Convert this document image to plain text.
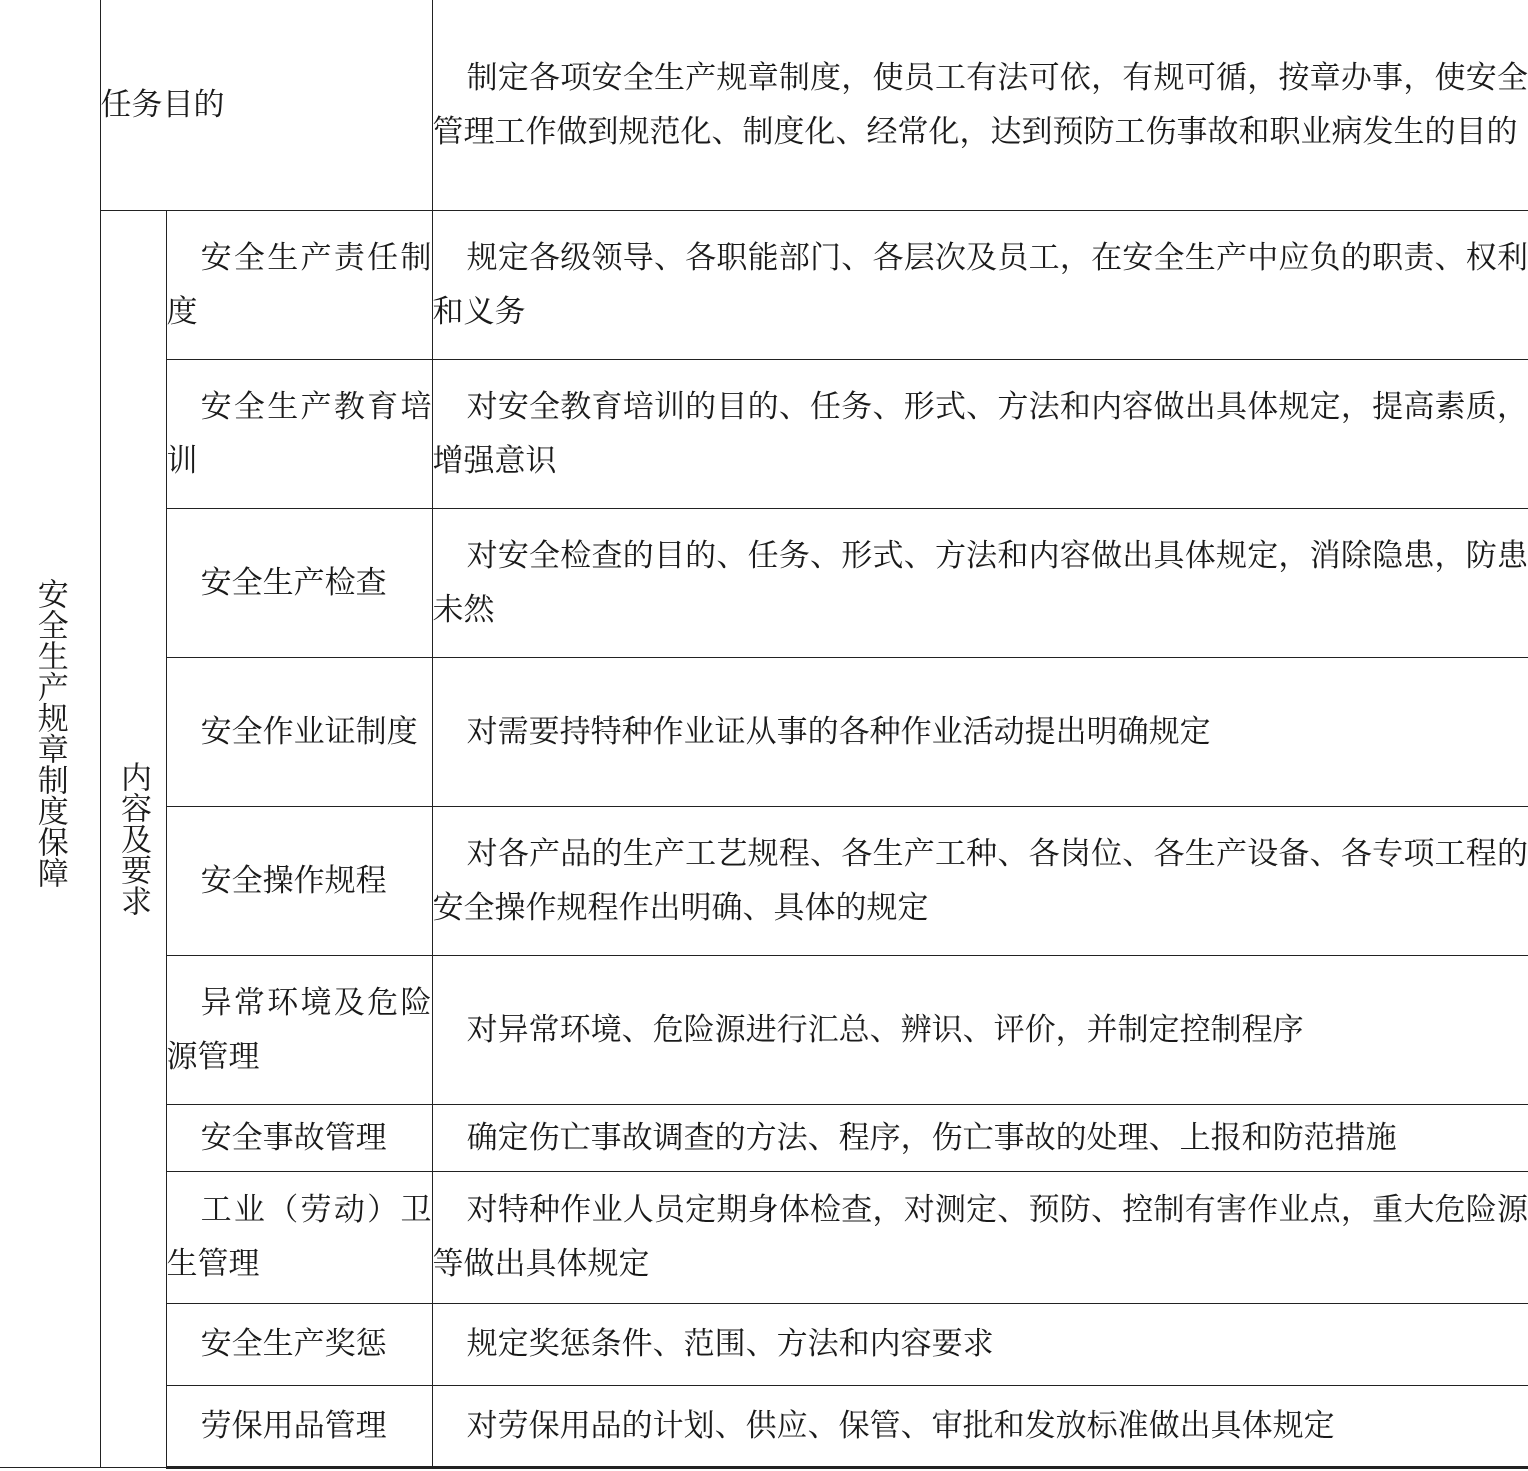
安全生产规章制度保障	任务目的		制定各项安全生产规章制度，使员工有法可依，有规可循，按章办事，使安全管理工作做到规范化、制度化、经常化，达到预防工伤事故和职业病发生的目的

	内容及要求	安全生产责任制度	规定各级领导、各职能部门、各层次及员工，在安全生产中应负的职责、权利和义务

		安全生产教育培训	对安全教育培训的目的、任务、形式、方法和内容做出具体规定，提高素质，增强意识

		安全生产检查	对安全检查的目的、任务、形式、方法和内容做出具体规定，消除隐患，防患未然

		安全作业证制度	对需要持特种作业证从事的各种作业活动提出明确规定

		安全操作规程	对各产品的生产工艺规程、各生产工种、各岗位、各生产设备、各专项工程的安全操作规程作出明确、具体的规定

		异常环境及危险源管理	对异常环境、危险源进行汇总、辨识、评价，并制定控制程序

		安全事故管理	确定伤亡事故调查的方法、程序，伤亡事故的处理、上报和防范措施

		工业（劳动）卫生管理	对特种作业人员定期身体检查，对测定、预防、控制有害作业点，重大危险源等做出具体规定

		安全生产奖惩	规定奖惩条件、范围、方法和内容要求

		劳保用品管理	对劳保用品的计划、供应、保管、审批和发放标准做出具体规定
